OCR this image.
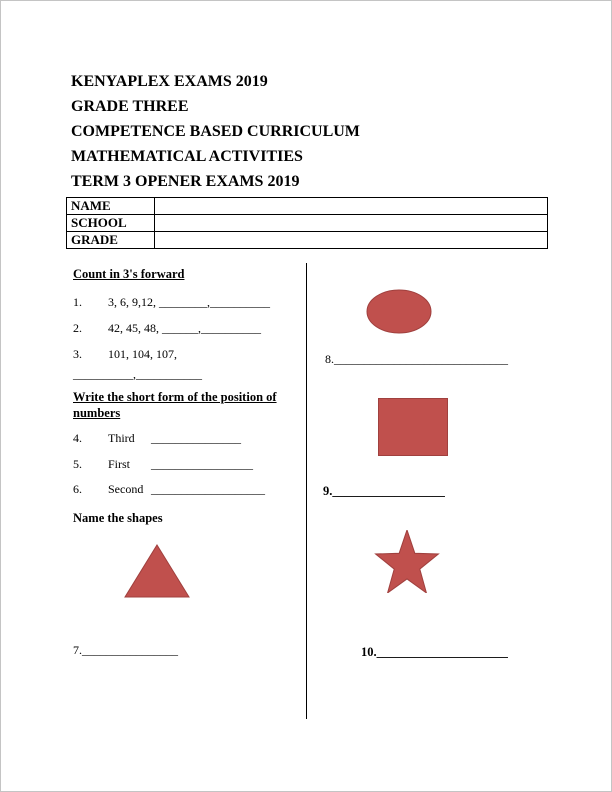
KENYAPLEX EXAMS 2019
GRADE THREE
COMPETENCE BASED CURRICULUM
MATHEMATICAL ACTIVITIES
TERM 3 OPENER EXAMS 2019
NAME	
SCHOOL	
GRADE	
Count in 3's forward
1. 3, 6, 9,12, ________,__________
2. 42, 45, 48, ______,__________
3. 101, 104, 107,
__________,___________
Write the short form of the position of
numbers
4. Third _______________
5. First _________________
6. Second ___________________
Name the shapes
7.________________
8._____________________________
9.__________________
10._____________________
